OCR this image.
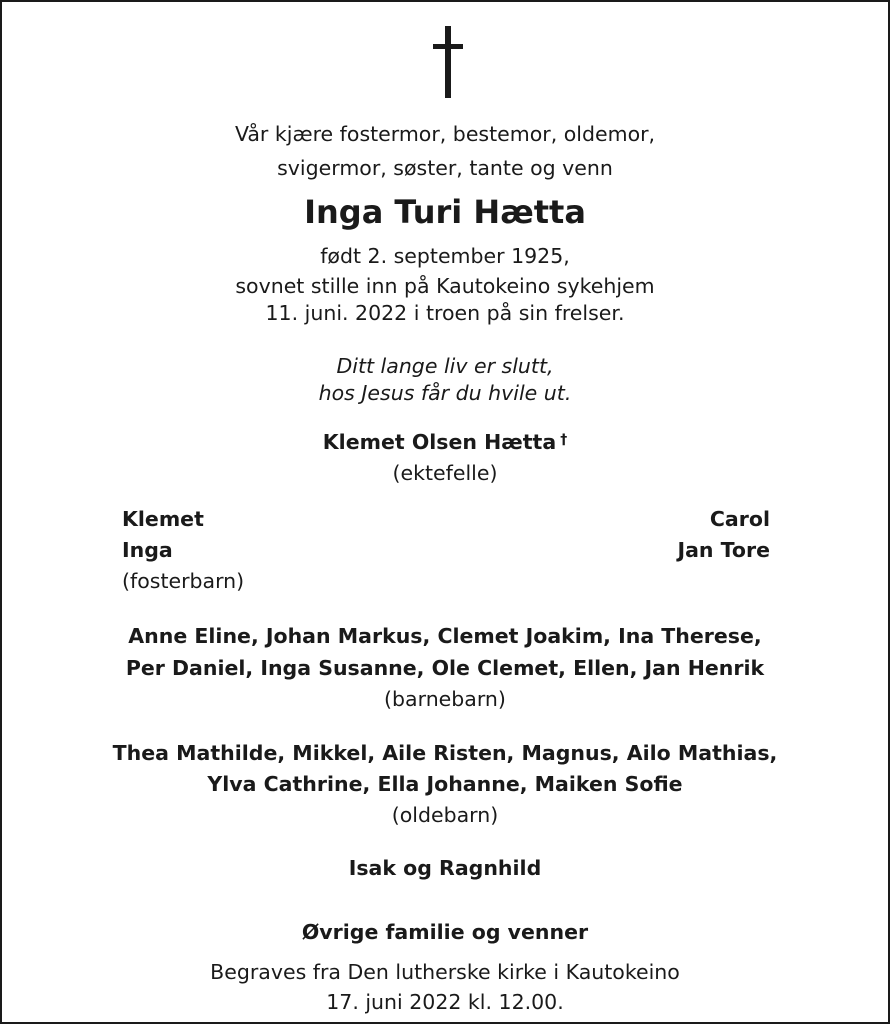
Vår kjære fostermor, bestemor, oldemor,
svigermor, søster, tante og venn
Inga Turi Hætta
født 2. september 1925,
sovnet stille inn på Kautokeino sykehjem
11. juni. 2022 i troen på sin frelser.
Ditt lange liv er slutt,
hos Jesus får du hvile ut.
Klemet Olsen Hætta †
(ektefelle)
Klemet
Inga
(fosterbarn)
Carol
Jan Tore
Anne Eline, Johan Markus, Clemet Joakim, Ina Therese,
Per Daniel, Inga Susanne, Ole Clemet, Ellen, Jan Henrik
(barnebarn)
Thea Mathilde, Mikkel, Aile Risten, Magnus, Ailo Mathias,
Ylva Cathrine, Ella Johanne, Maiken Sofie
(oldebarn)
Isak og Ragnhild
Øvrige familie og venner
Begraves fra Den lutherske kirke i Kautokeino
17. juni 2022 kl. 12.00.
